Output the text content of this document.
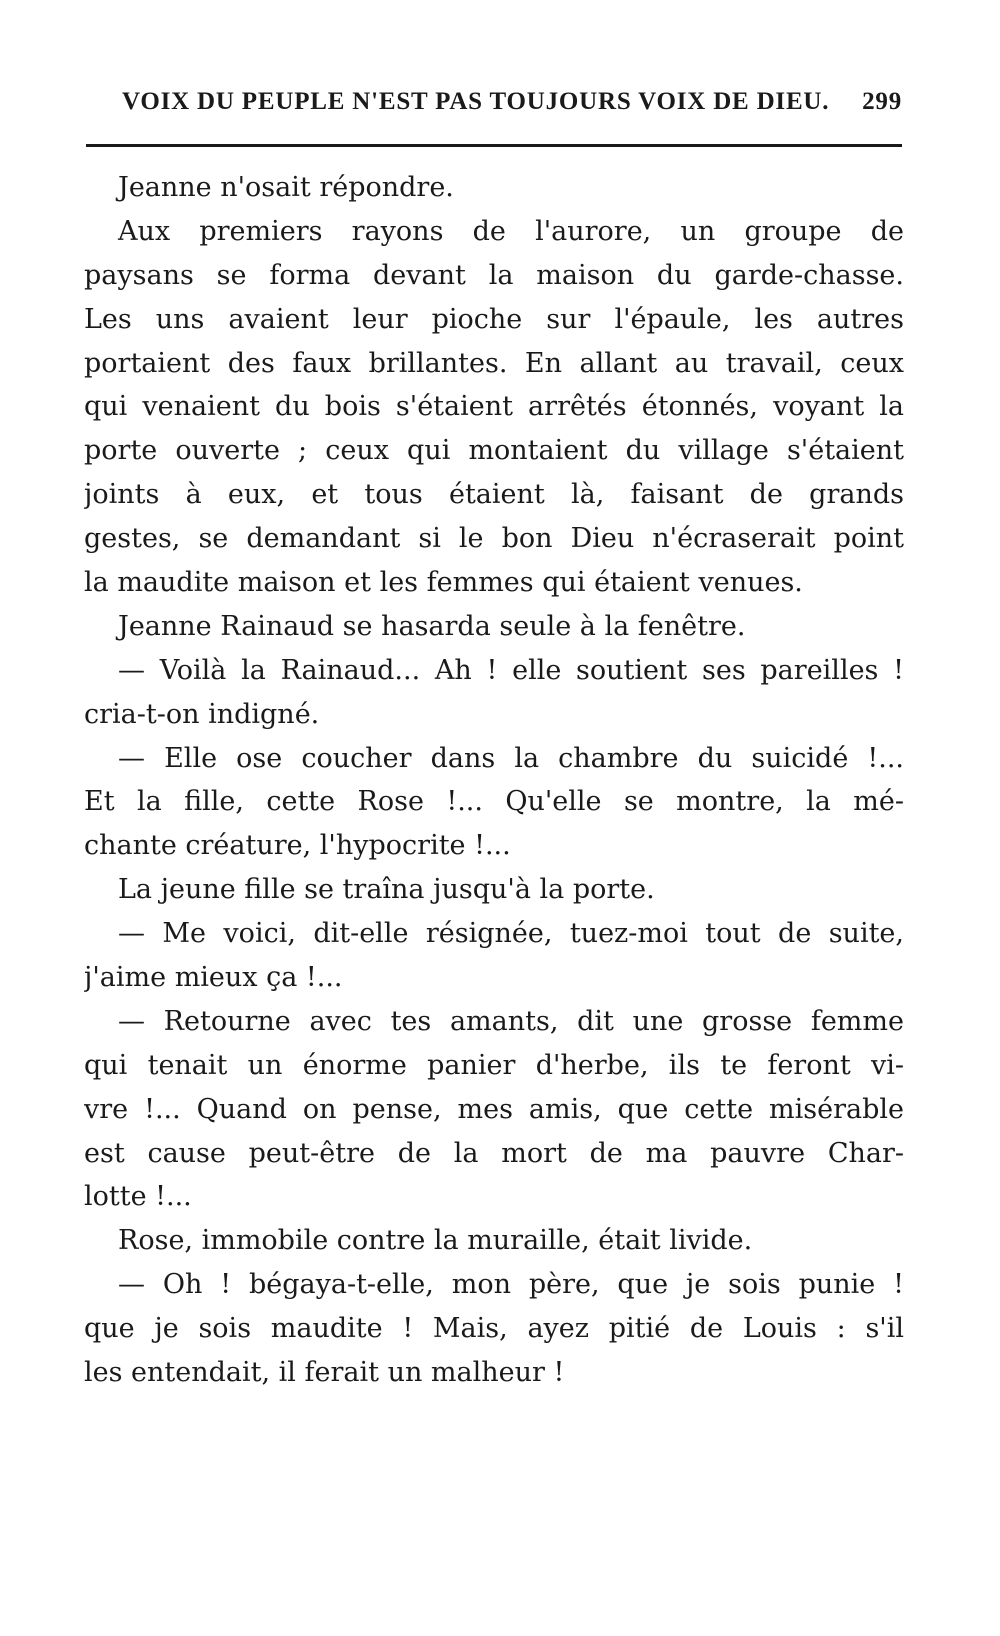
VOIX DU PEUPLE N'EST PAS TOUJOURS VOIX DE DIEU. 299
Jeanne n'osait répondre.
Aux premiers rayons de l'aurore, un groupe de
paysans se forma devant la maison du garde-chasse.
Les uns avaient leur pioche sur l'épaule, les autres
portaient des faux brillantes. En allant au travail, ceux
qui venaient du bois s'étaient arrêtés étonnés, voyant la
porte ouverte ; ceux qui montaient du village s'étaient
joints à eux, et tous étaient là, faisant de grands
gestes, se demandant si le bon Dieu n'écraserait point
la maudite maison et les femmes qui étaient venues.
Jeanne Rainaud se hasarda seule à la fenêtre.
— Voilà la Rainaud... Ah ! elle soutient ses pareilles !
cria-t-on indigné.
— Elle ose coucher dans la chambre du suicidé !...
Et la fille, cette Rose !... Qu'elle se montre, la mé-
chante créature, l'hypocrite !...
La jeune fille se traîna jusqu'à la porte.
— Me voici, dit-elle résignée, tuez-moi tout de suite,
j'aime mieux ça !...
— Retourne avec tes amants, dit une grosse femme
qui tenait un énorme panier d'herbe, ils te feront vi-
vre !... Quand on pense, mes amis, que cette misérable
est cause peut-être de la mort de ma pauvre Char-
lotte !...
Rose, immobile contre la muraille, était livide.
— Oh ! bégaya-t-elle, mon père, que je sois punie !
que je sois maudite ! Mais, ayez pitié de Louis : s'il
les entendait, il ferait un malheur !
